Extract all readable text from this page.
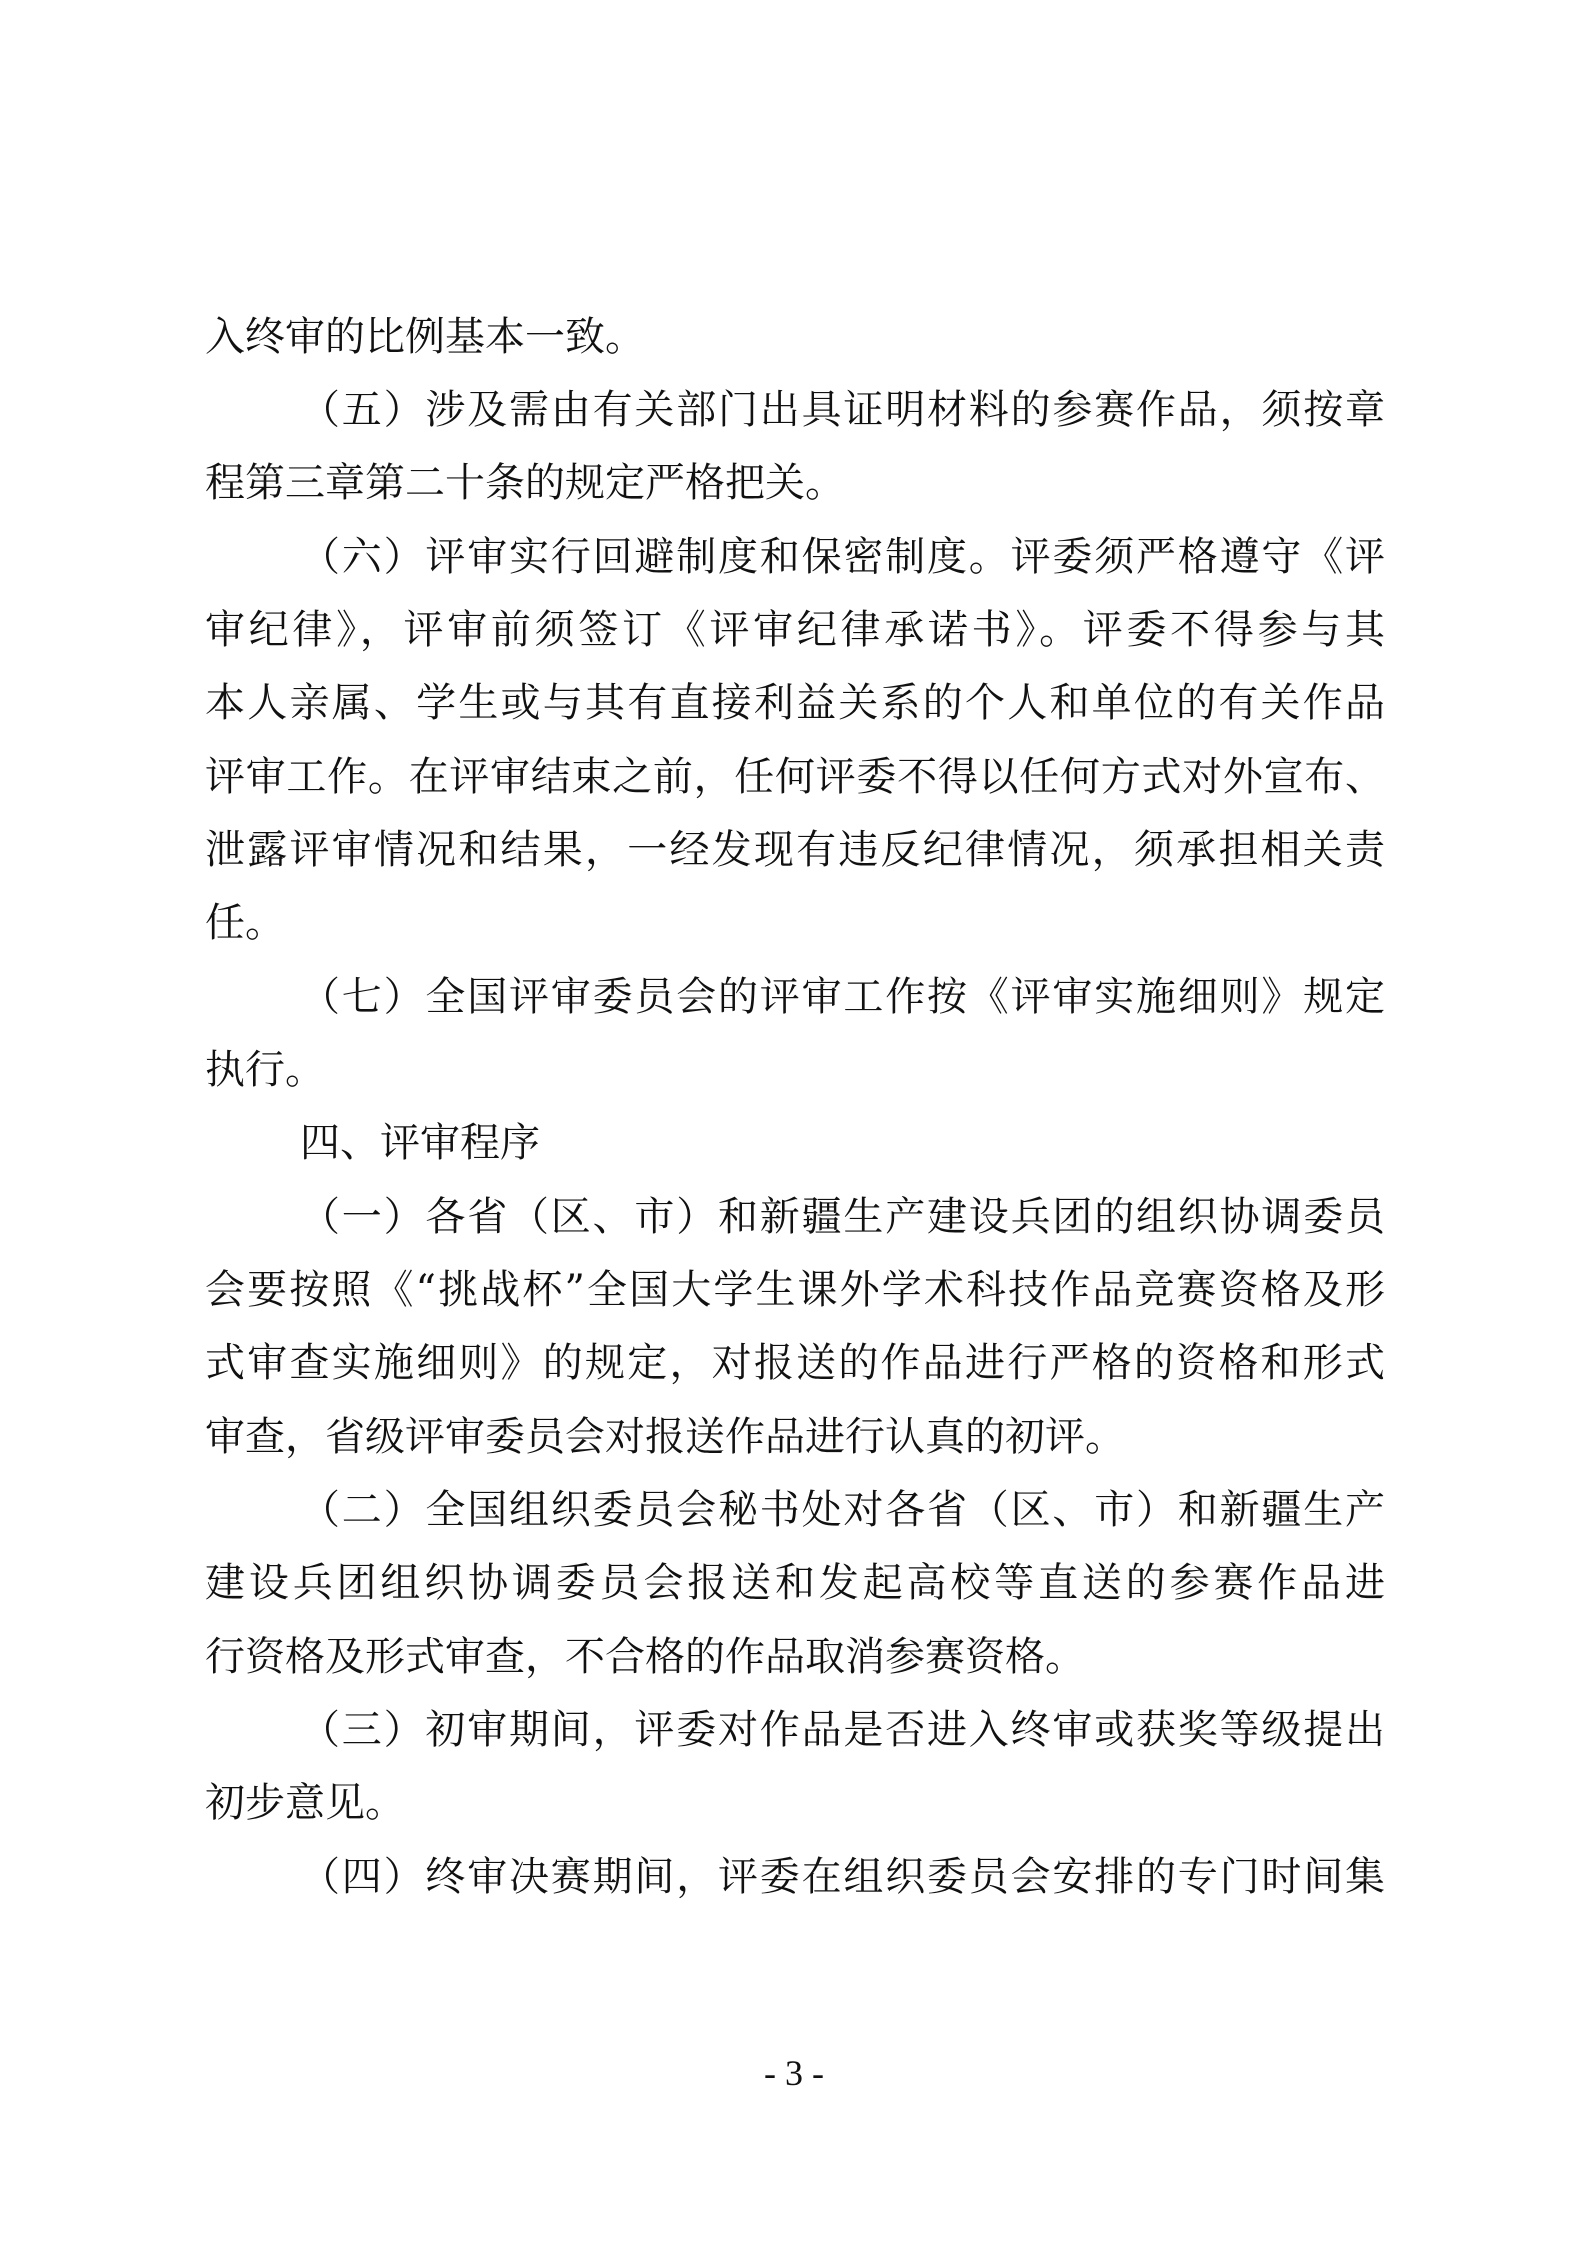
入终审的比例基本一致。
（五）涉及需由有关部门出具证明材料的参赛作品，须按章
程第三章第二十条的规定严格把关。
（六）评审实行回避制度和保密制度。评委须严格遵守《评
审纪律》，评审前须签订《评审纪律承诺书》。评委不得参与其
本人亲属、学生或与其有直接利益关系的个人和单位的有关作品
评审工作。在评审结束之前，任何评委不得以任何方式对外宣布、
泄露评审情况和结果，一经发现有违反纪律情况，须承担相关责
任。
（七）全国评审委员会的评审工作按《评审实施细则》规定
执行。
四、评审程序
（一）各省（区、市）和新疆生产建设兵团的组织协调委员
会要按照《“挑战杯”全国大学生课外学术科技作品竞赛资格及形
式审查实施细则》的规定，对报送的作品进行严格的资格和形式
审查，省级评审委员会对报送作品进行认真的初评。
（二）全国组织委员会秘书处对各省（区、市）和新疆生产
建设兵团组织协调委员会报送和发起高校等直送的参赛作品进
行资格及形式审查，不合格的作品取消参赛资格。
（三）初审期间，评委对作品是否进入终审或获奖等级提出
初步意见。
（四）终审决赛期间，评委在组织委员会安排的专门时间集
- 3 -
